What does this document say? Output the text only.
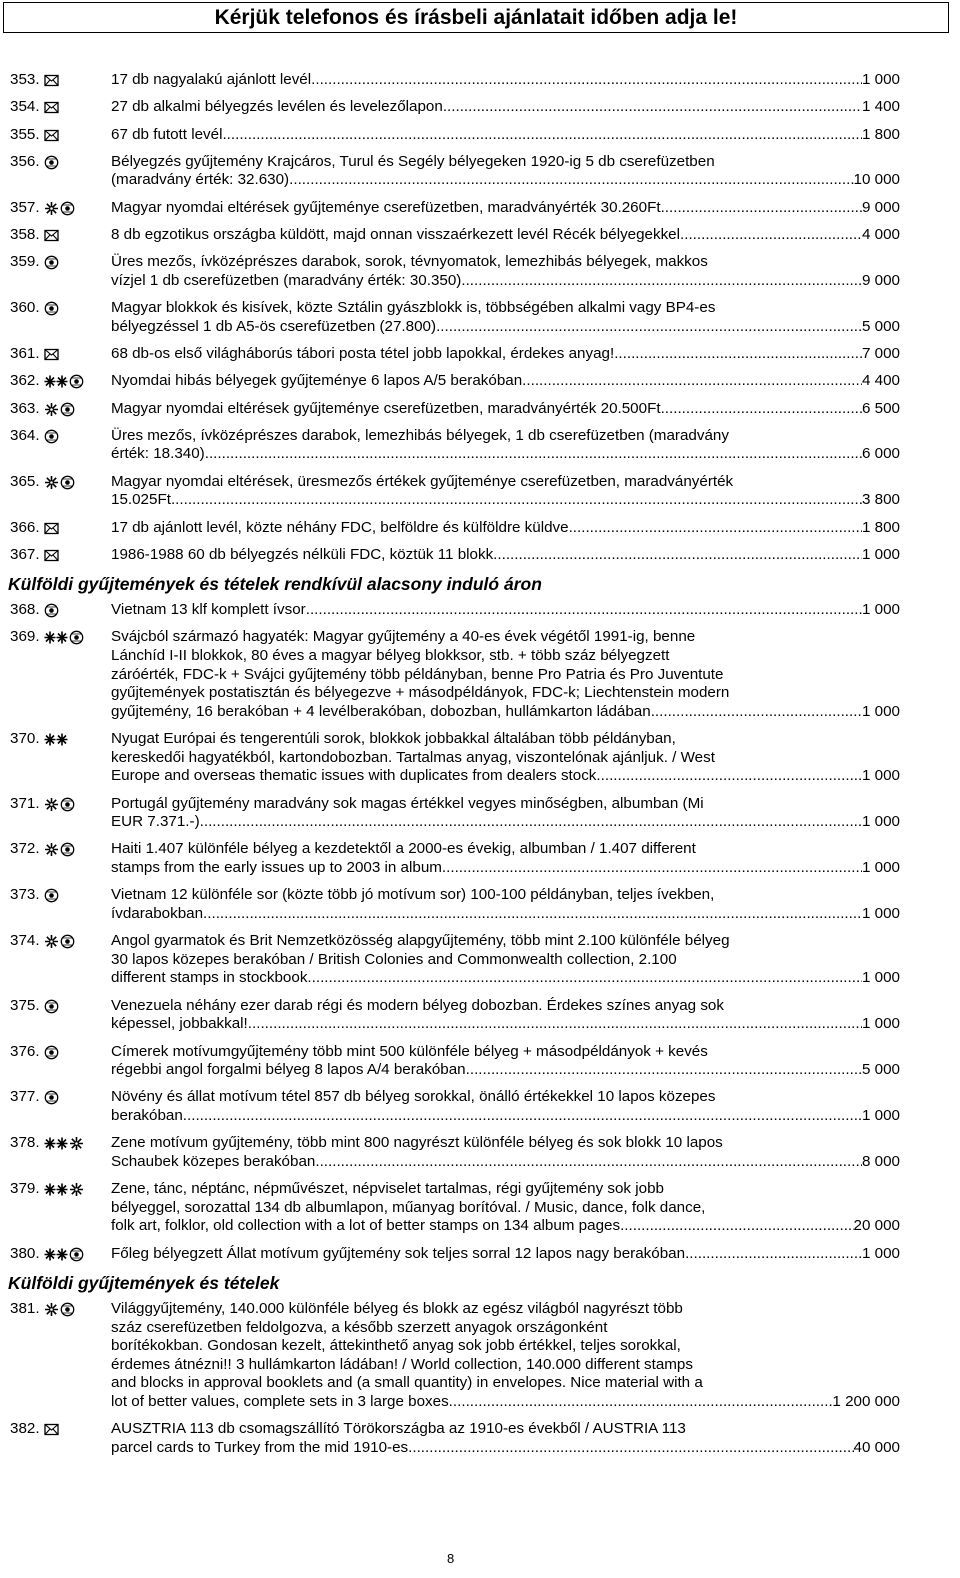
Kérjük telefonos és írásbeli ajánlatait időben adja le!
353.	17 db nagyalakú ajánlott levél .....	1 000
354.	27 db alkalmi bélyegzés levélen és levelezőlapon .....	1 400
355.	67 db futott levél .....	1 800
356.	Bélyegzés gyűjtemény Krajcáros, Turul és Segély bélyegeken 1920-ig 5 db cserefüzetben
(maradvány érték: 32.630) .....	10 000
357.	Magyar nyomdai eltérések gyűjteménye cserefüzetben, maradványérték 30.260Ft. .....	9 000
358.	8 db egzotikus országba küldött, majd onnan visszaérkezett levél Récék bélyegekkel .....	4 000
359.	Üres mezős, ívközéprészes darabok, sorok, tévnyomatok, lemezhibás bélyegek, makkos
vízjel 1 db cserefüzetben (maradvány érték: 30.350) .....	9 000
360.	Magyar blokkok és kisívek, közte Sztálin gyászblokk is, többségében alkalmi vagy BP4-es
bélyegzéssel 1 db A5-ös cserefüzetben (27.800) .....	5 000
361.	68 db-os első világháborús tábori posta tétel jobb lapokkal, érdekes anyag! .....	7 000
362.	Nyomdai hibás bélyegek gyűjteménye 6 lapos A/5 berakóban .....	4 400
363.	Magyar nyomdai eltérések gyűjteménye cserefüzetben, maradványérték 20.500Ft. .....	6 500
364.	Üres mezős, ívközéprészes darabok, lemezhibás bélyegek, 1 db cserefüzetben (maradvány
érték: 18.340) .....	6 000
365.	Magyar nyomdai eltérések, üresmezős értékek gyűjteménye cserefüzetben, maradványérték
15.025Ft. .....	3 800
366.	17 db ajánlott levél, közte néhány FDC, belföldre és külföldre küldve .....	1 800
367.	1986-1988 60 db bélyegzés nélküli FDC, köztük 11 blokk .....	1 000
Külföldi gyűjtemények és tételek rendkívül alacsony induló áron
368.	Vietnam 13 klf komplett ívsor .....	1 000
369.	Svájcból származó hagyaték: Magyar gyűjtemény a 40-es évek végétől 1991-ig, benne
Lánchíd I-II blokkok, 80 éves a magyar bélyeg blokksor, stb. + több száz bélyegzett
záróérték, FDC-k + Svájci gyűjtemény több példányban, benne Pro Patria és Pro Juventute
gyűjtemények postatisztán és bélyegezve + másodpéldányok, FDC-k; Liechtenstein modern
gyűjtemény, 16 berakóban + 4 levélberakóban, dobozban, hullámkarton ládában .....	1 000
370.	Nyugat Európai és tengerentúli sorok, blokkok jobbakkal általában több példányban,
kereskedői hagyatékból, kartondobozban. Tartalmas anyag, viszontelónak ajánljuk. / West
Europe and overseas thematic issues with duplicates from dealers stock .....	1 000
371.	Portugál gyűjtemény maradvány sok magas értékkel vegyes minőségben, albumban (Mi
EUR 7.371.-) .....	1 000
372.	Haiti 1.407 különféle bélyeg a kezdetektől a 2000-es évekig, albumban / 1.407 different
stamps from the early issues up to 2003 in album .....	1 000
373.	Vietnam 12 különféle sor (közte több jó motívum sor) 100-100 példányban, teljes ívekben,
ívdarabokban .....	1 000
374.	Angol gyarmatok és Brit Nemzetközösség alapgyűjtemény, több mint 2.100 különféle bélyeg
30 lapos közepes berakóban / British Colonies and Commonwealth collection, 2.100
different stamps in stockbook .....	1 000
375.	Venezuela néhány ezer darab régi és modern bélyeg dobozban. Érdekes színes anyag sok
képessel, jobbakkal! .....	1 000
376.	Címerek motívumgyűjtemény több mint 500 különféle bélyeg + másodpéldányok + kevés
régebbi angol forgalmi bélyeg 8 lapos A/4 berakóban .....	5 000
377.	Növény és állat motívum tétel 857 db bélyeg sorokkal, önálló értékekkel 10 lapos közepes
berakóban .....	1 000
378.	Zene motívum gyűjtemény, több mint 800 nagyrészt különféle bélyeg és sok blokk 10 lapos
Schaubek közepes berakóban .....	8 000
379.	Zene, tánc, néptánc, népművészet, népviselet tartalmas, régi gyűjtemény sok jobb
bélyeggel, sorozattal 134 db albumlapon, műanyag borítóval. / Music, dance, folk dance,
folk art, folklor, old collection with a lot of better stamps on 134 album pages .....	20 000
380.	Főleg bélyegzett Állat motívum gyűjtemény sok teljes sorral 12 lapos nagy berakóban .....	1 000
Külföldi gyűjtemények és tételek
381.	Világgyűjtemény, 140.000 különféle bélyeg és blokk az egész világból nagyrészt több
száz cserefüzetben feldolgozva, a később szerzett anyagok országonként
borítékokban. Gondosan kezelt, áttekinthető anyag sok jobb értékkel, teljes sorokkal,
érdemes átnézni!! 3 hullámkarton ládában! / World collection, 140.000 different stamps
and blocks in approval booklets and (a small quantity) in envelopes. Nice material with a
lot of better values, complete sets in 3 large boxes. .....	1 200 000
382.	AUSZTRIA 113 db csomagszállító Törökországba az 1910-es évekből / AUSTRIA 113
parcel cards to Turkey from the mid 1910-es .....	40 000
8
